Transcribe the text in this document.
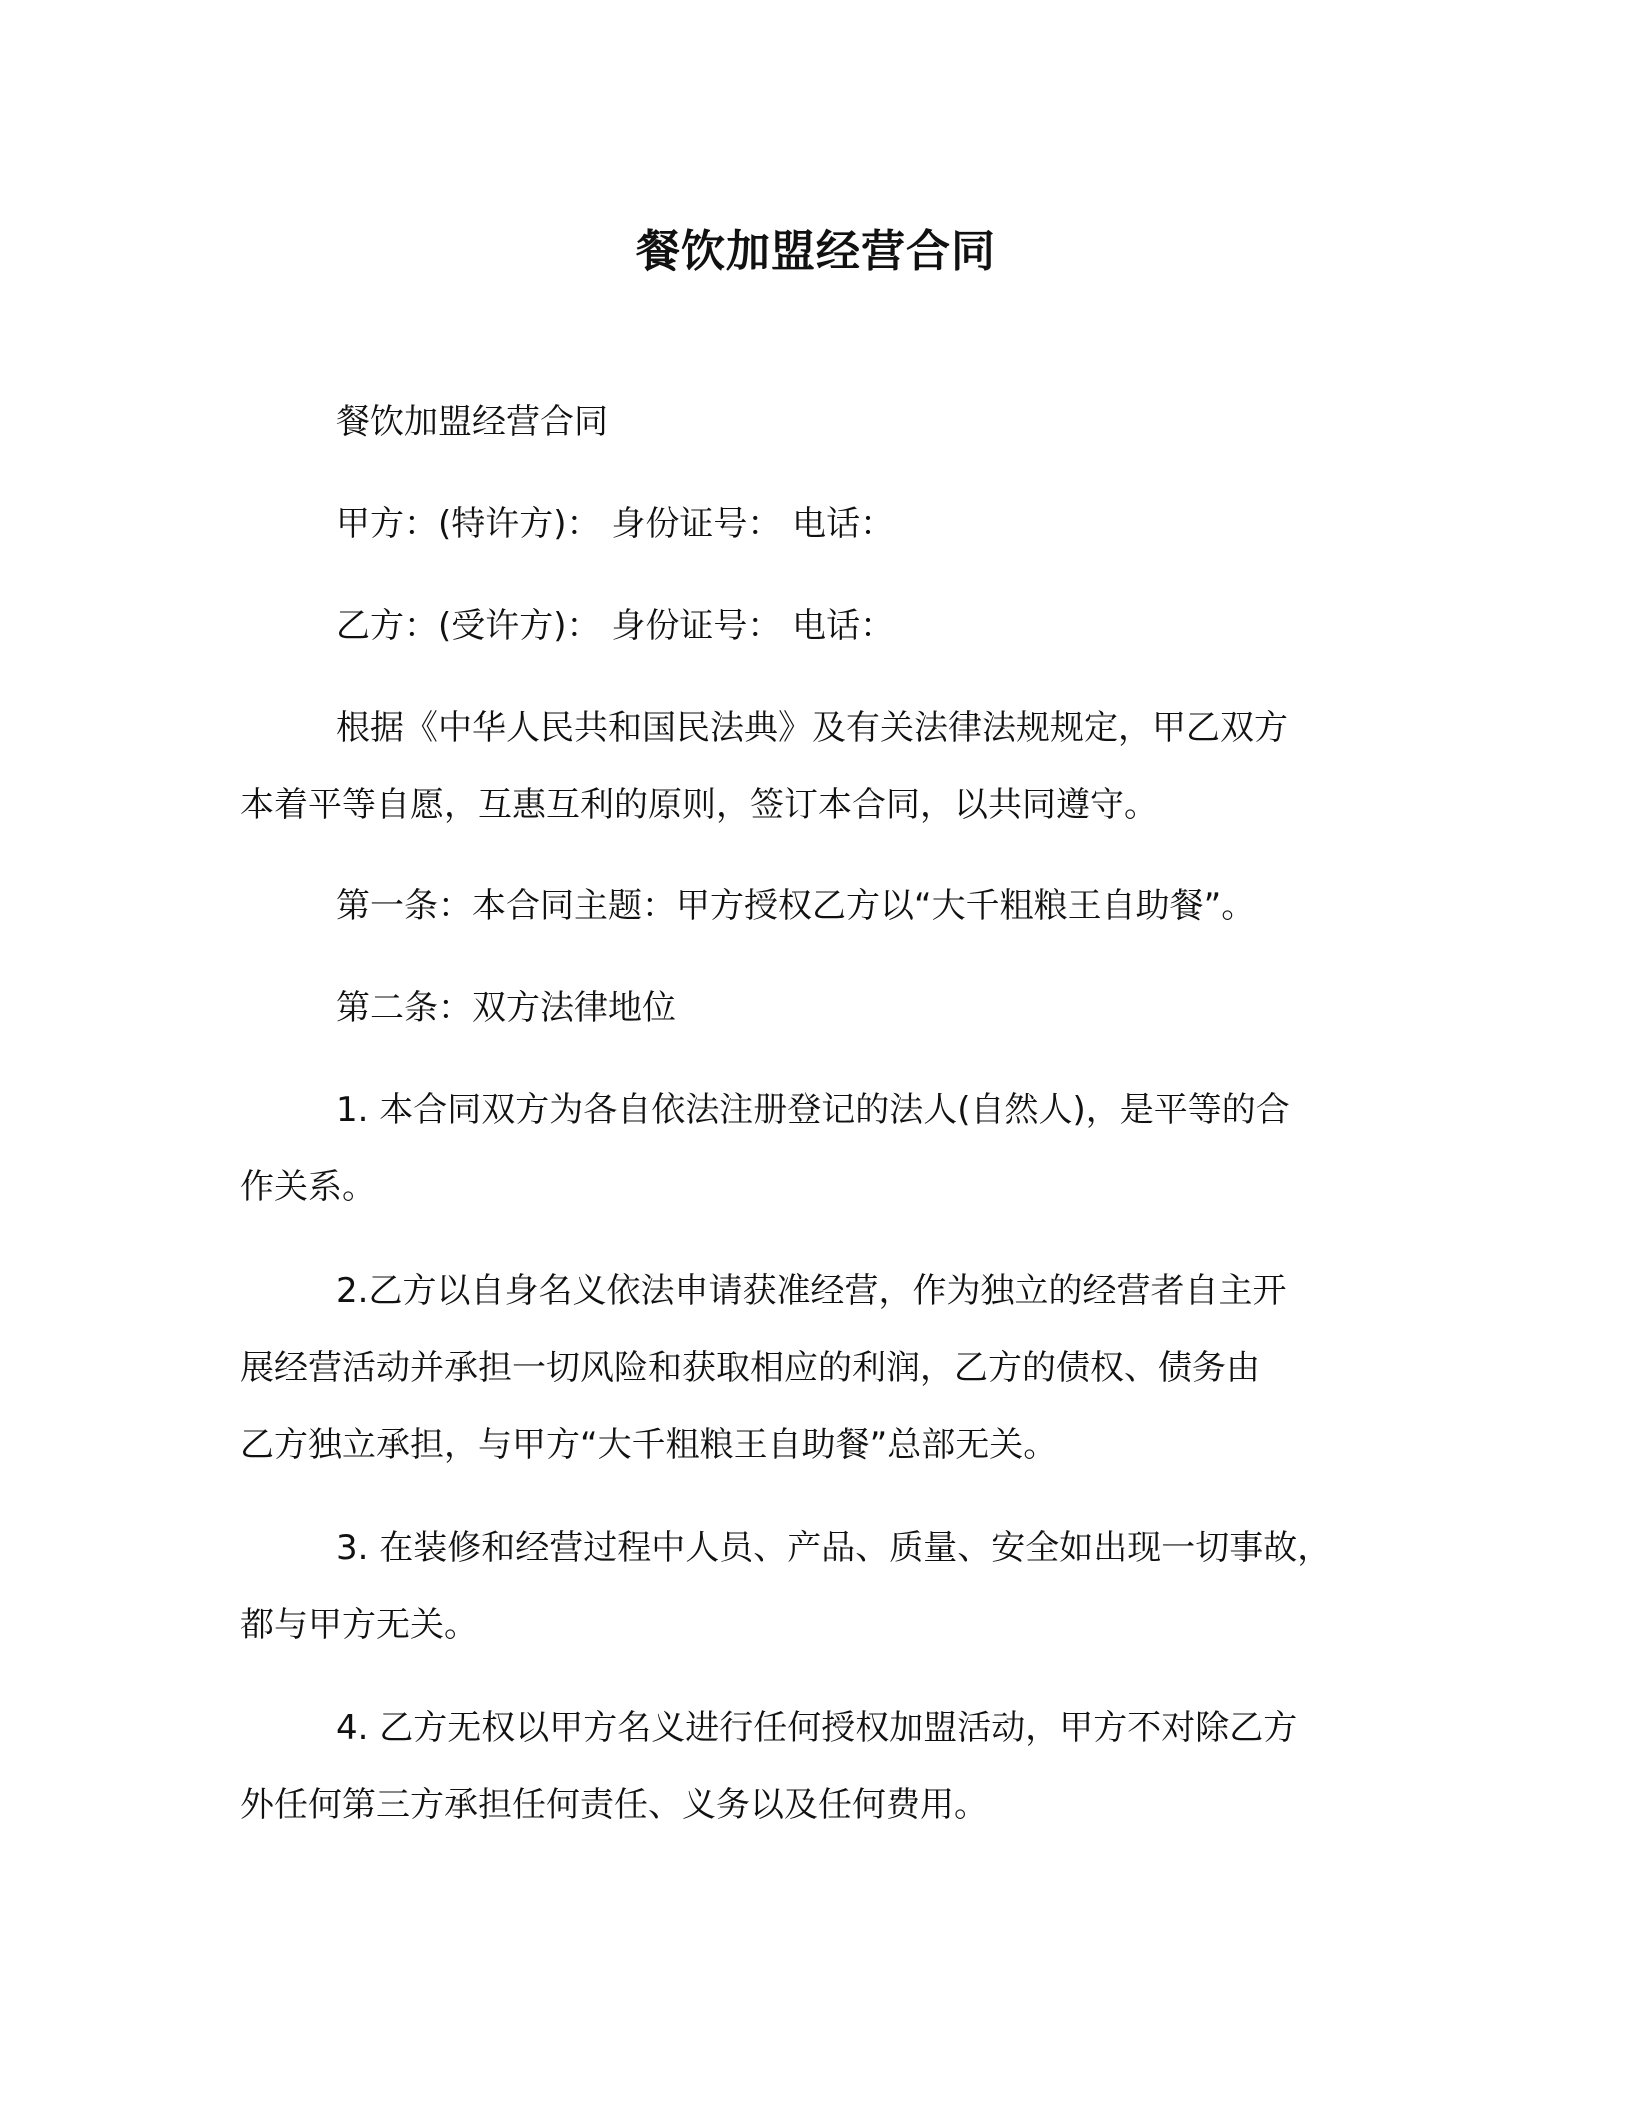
餐饮加盟经营合同
餐饮加盟经营合同
甲方：(特许方)： 身份证号： 电话：
乙方：(受许方)： 身份证号： 电话：
根据《中华人民共和国民法典》及有关法律法规规定，甲乙双方
本着平等自愿，互惠互利的原则，签订本合同，以共同遵守。
第一条：本合同主题：甲方授权乙方以“大千粗粮王自助餐”。
第二条：双方法律地位
1. 本合同双方为各自依法注册登记的法人(自然人)，是平等的合
作关系。
2.乙方以自身名义依法申请获准经营，作为独立的经营者自主开
展经营活动并承担一切风险和获取相应的利润，乙方的债权、债务由
乙方独立承担，与甲方“大千粗粮王自助餐”总部无关。
3. 在装修和经营过程中人员、产品、质量、安全如出现一切事故，
都与甲方无关。
4. 乙方无权以甲方名义进行任何授权加盟活动，甲方不对除乙方
外任何第三方承担任何责任、义务以及任何费用。
